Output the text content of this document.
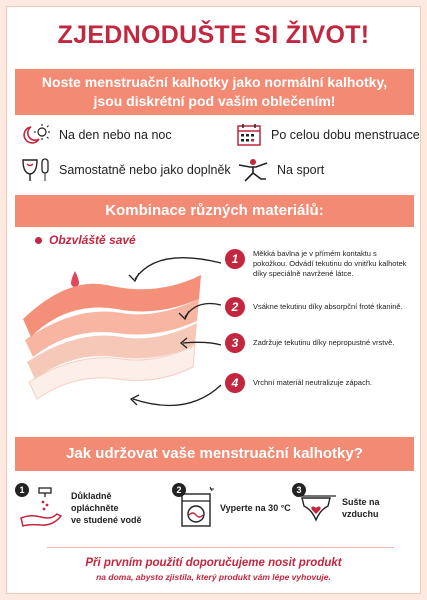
ZJEDNODUŠTE SI ŽIVOT!
Noste menstruační kalhotky jako normální kalhotky,
jsou diskrétní pod vaším oblečením!
Na den nebo na noc	Po celou dobu menstruace
Samostatně nebo jako doplněk	Na sport
Kombinace různých materiálů:
Obzvláště savé
1	Měkká bavlna je v přímém kontaktu s pokožkou. Odvádí tekutinu do vnitřku kalhotek díky speciálně navržené látce.
2	Vsákne tekutinu díky absorpční froté tkanině.
3	Zadržuje tekutinu díky nepropustné vrstvě.
4	Vrchní materiál neutralizuje zápach.
Jak udržovat vaše menstruační kalhotky?
1
Důkladně opláchněte
ve studené vodě
2
Vyperte na 30 °C
3
Sušte na vzduchu
Při prvním použití doporučujeme nosit produkt
na doma, abysto zjistila, který produkt vám lépe vyhovuje.
